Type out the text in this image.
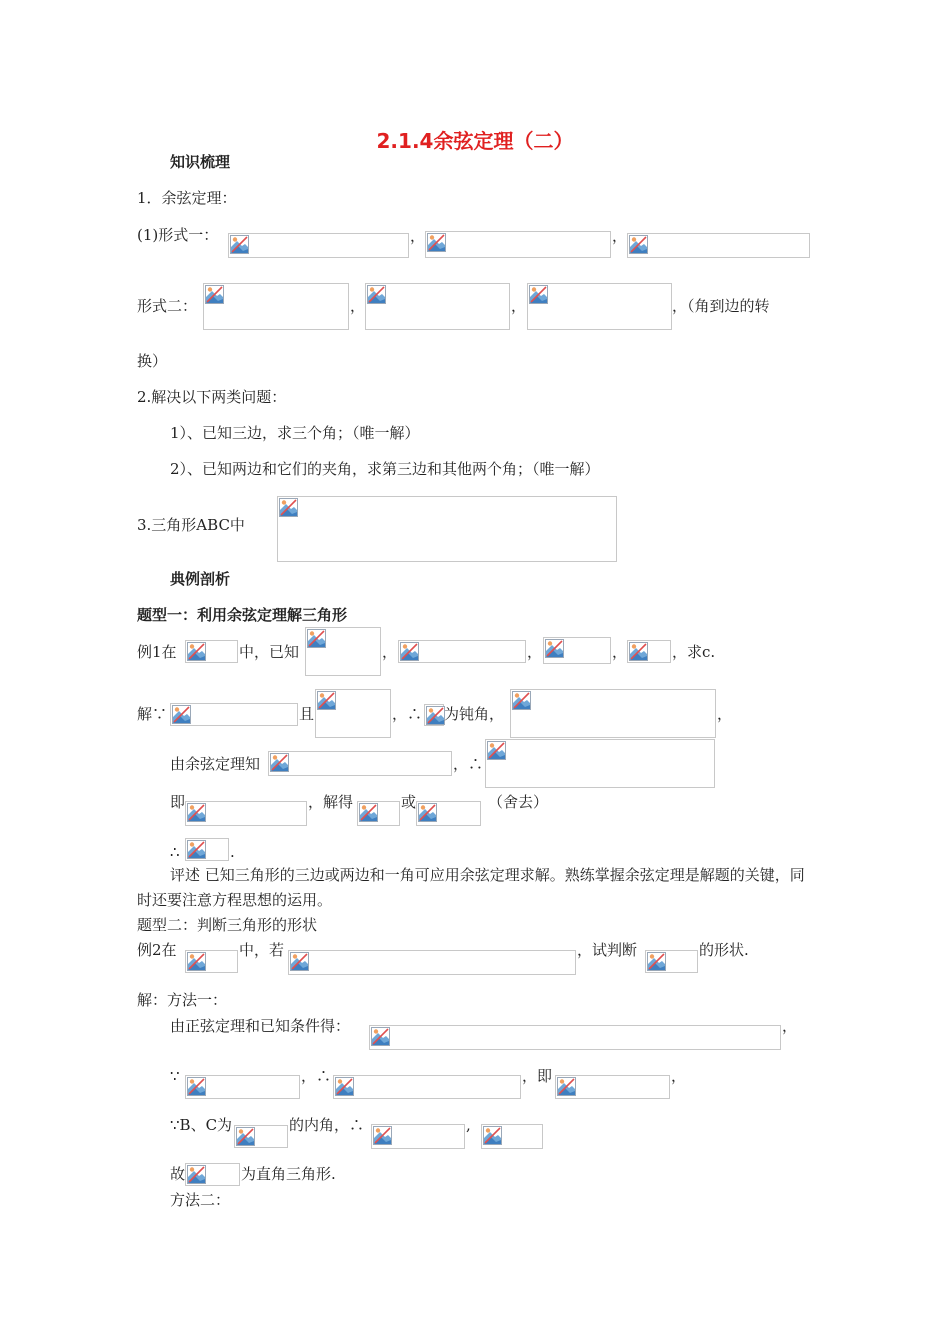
2.1.4余弦定理（二）
知识梳理
1．余弦定理：
(1)形式一：	，	，
形式二：	，	，	，（角到边的转
换）
2.解决以下两类问题：
1）、已知三边，求三个角；（唯一解）
2）、已知两边和它们的夹角，求第三边和其他两个角；（唯一解）
3.三角形ABC中
典例剖析
题型一：利用余弦定理解三角形
例1在	中，已知	，	，	，	，求c.
解∵	且	，∴ 为钝角，	，
由余弦定理知	，∴
即	，解得	或	（舍去）
∴	.
评述 已知三角形的三边或两边和一角可应用余弦定理求解。熟练掌握余弦定理是解题的关键，同时还要注意方程思想的运用。
题型二：判断三角形的形状
例2在	中，若	，试判断	的形状.
解：方法一：
由正弦定理和已知条件得：	，
∵	，∴	，即	，
∵B、C为	的内角，∴	,
故	为直角三角形.
方法二：
